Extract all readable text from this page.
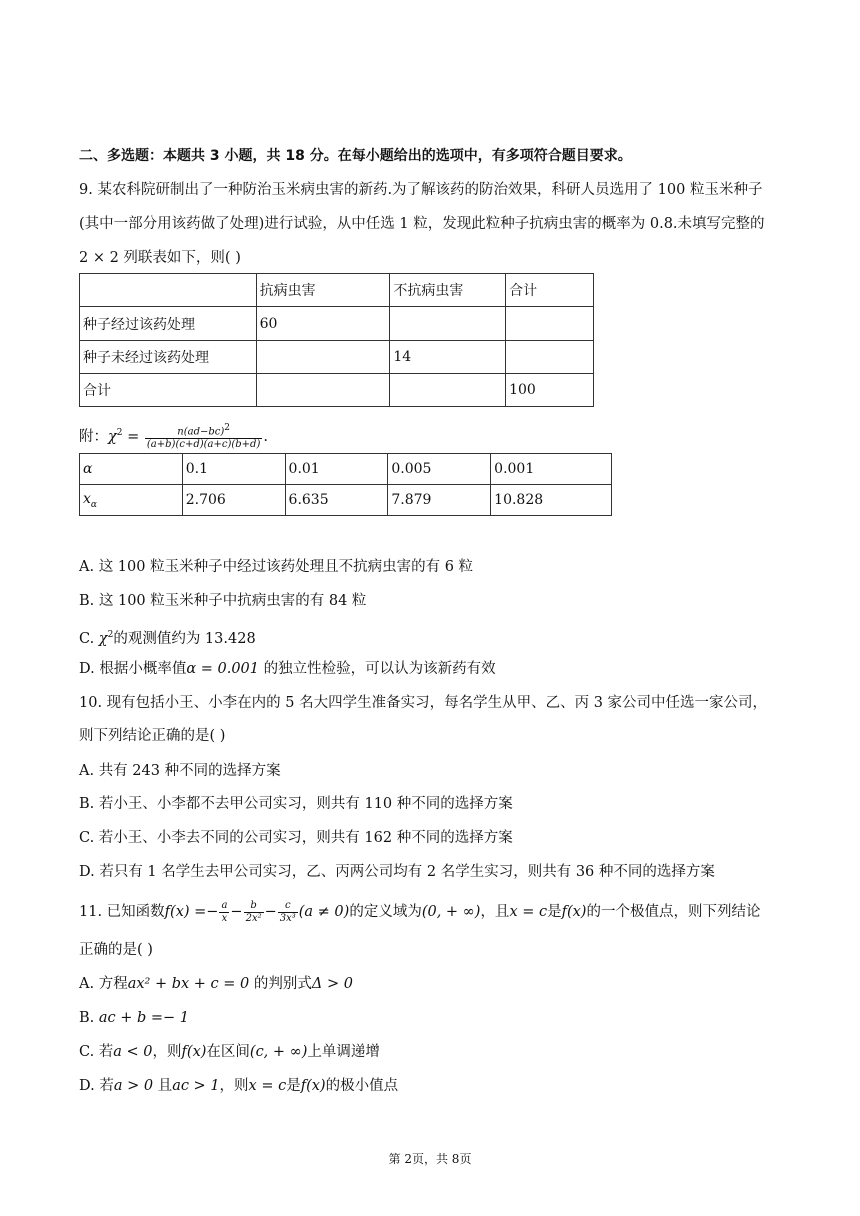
二、多选题：本题共 3 小题，共 18 分。在每小题给出的选项中，有多项符合题目要求。
9. 某农科院研制出了一种防治玉米病虫害的新药.为了解该药的防治效果，科研人员选用了 100 粒玉米种子
(其中一部分用该药做了处理)进行试验，从中任选 1 粒，发现此粒种子抗病虫害的概率为 0.8.未填写完整的
2 × 2 列联表如下，则( )
	抗病虫害	不抗病虫害	合计
种子经过该药处理	60		
种子未经过该药处理		14	
合计			100
附：$\chi^2 = \frac{n(ad-bc)^2}{(a+b)(c+d)(a+c)(b+d)}$ .
α	0.1	0.01	0.005	0.001
$x_\alpha$	2.706	6.635	7.879	10.828
A. 这 100 粒玉米种子中经过该药处理且不抗病虫害的有 6 粒
B. 这 100 粒玉米种子中抗病虫害的有 84 粒
C. $\chi^2$的观测值约为 13.428
D. 根据小概率值α = 0.001 的独立性检验，可以认为该新药有效
10. 现有包括小王、小李在内的 5 名大四学生准备实习，每名学生从甲、乙、丙 3 家公司中任选一家公司，
则下列结论正确的是( )
A. 共有 243 种不同的选择方案
B. 若小王、小李都不去甲公司实习，则共有 110 种不同的选择方案
C. 若小王、小李去不同的公司实习，则共有 162 种不同的选择方案
D. 若只有 1 名学生去甲公司实习，乙、丙两公司均有 2 名学生实习，则共有 36 种不同的选择方案
11. 已知函数$f(x) =- \frac{a}{x} - \frac{b}{\text{2x²}} - \frac{c}{\text{3x³}} (a \ne 0)$的定义域为(0, + ∞)，且x = c是f(x)的一个极值点，则下列结论
正确的是( )
A. 方程ax² + bx + c = 0 的判别式Δ > 0
B. ac + b =− 1
C. 若a < 0，则f(x)在区间(c, + ∞)上单调递增
D. 若a > 0 且ac > 1，则x = c是f(x)的极小值点
第 2页，共 8页
